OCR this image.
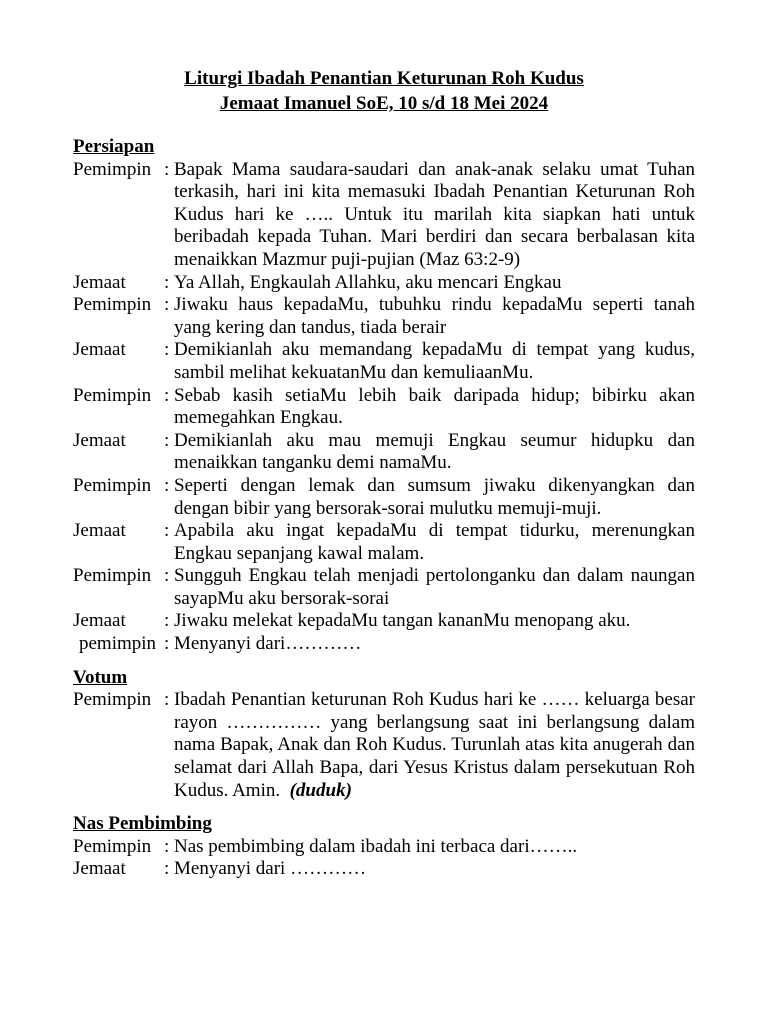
Liturgi Ibadah Penantian Keturunan Roh Kudus

Jemaat Imanuel SoE, 10 s/d 18 Mei 2024

Persiapan

Pemimpin : Bapak Mama saudara-saudari dan anak-anak selaku umat Tuhan terkasih, hari ini kita memasuki Ibadah Penantian Keturunan Roh Kudus hari ke ….. Untuk itu marilah kita siapkan hati untuk beribadah kepada Tuhan. Mari berdiri dan secara berbalasan kita menaikkan Mazmur puji-pujian (Maz 63:2-9)
Jemaat	: Ya Allah, Engkaulah Allahku, aku mencari Engkau
Pemimpin : Jiwaku haus kepadaMu, tubuhku rindu kepadaMu seperti tanah yang kering dan tandus, tiada berair
Jemaat	: Demikianlah aku memandang kepadaMu di tempat yang kudus, sambil melihat kekuatanMu dan kemuliaanMu.
Pemimpin : Sebab kasih setiaMu lebih baik daripada hidup; bibirku akan memegahkan Engkau.
Jemaat	: Demikianlah aku mau memuji Engkau seumur hidupku dan menaikkan tanganku demi namaMu.
Pemimpin : Seperti dengan lemak dan sumsum jiwaku dikenyangkan dan dengan bibir yang bersorak-sorai mulutku memuji-muji.
Jemaat	: Apabila aku ingat kepadaMu di tempat tidurku, merenungkan Engkau sepanjang kawal malam.
Pemimpin : Sungguh Engkau telah menjadi pertolonganku dan dalam naungan sayapMu aku bersorak-sorai
Jemaat	: Jiwaku melekat kepadaMu tangan kananMu menopang aku.
pemimpin : Menyanyi dari…………

Votum

Pemimpin : Ibadah Penantian keturunan Roh Kudus hari ke …… keluarga besar rayon …………… yang berlangsung saat ini berlangsung dalam nama Bapak, Anak dan Roh Kudus. Turunlah atas kita anugerah dan selamat dari Allah Bapa, dari Yesus Kristus dalam persekutuan Roh Kudus. Amin. (duduk)

Nas Pembimbing

Pemimpin : Nas pembimbing dalam ibadah ini terbaca dari……..
Jemaat	: Menyanyi dari …………
